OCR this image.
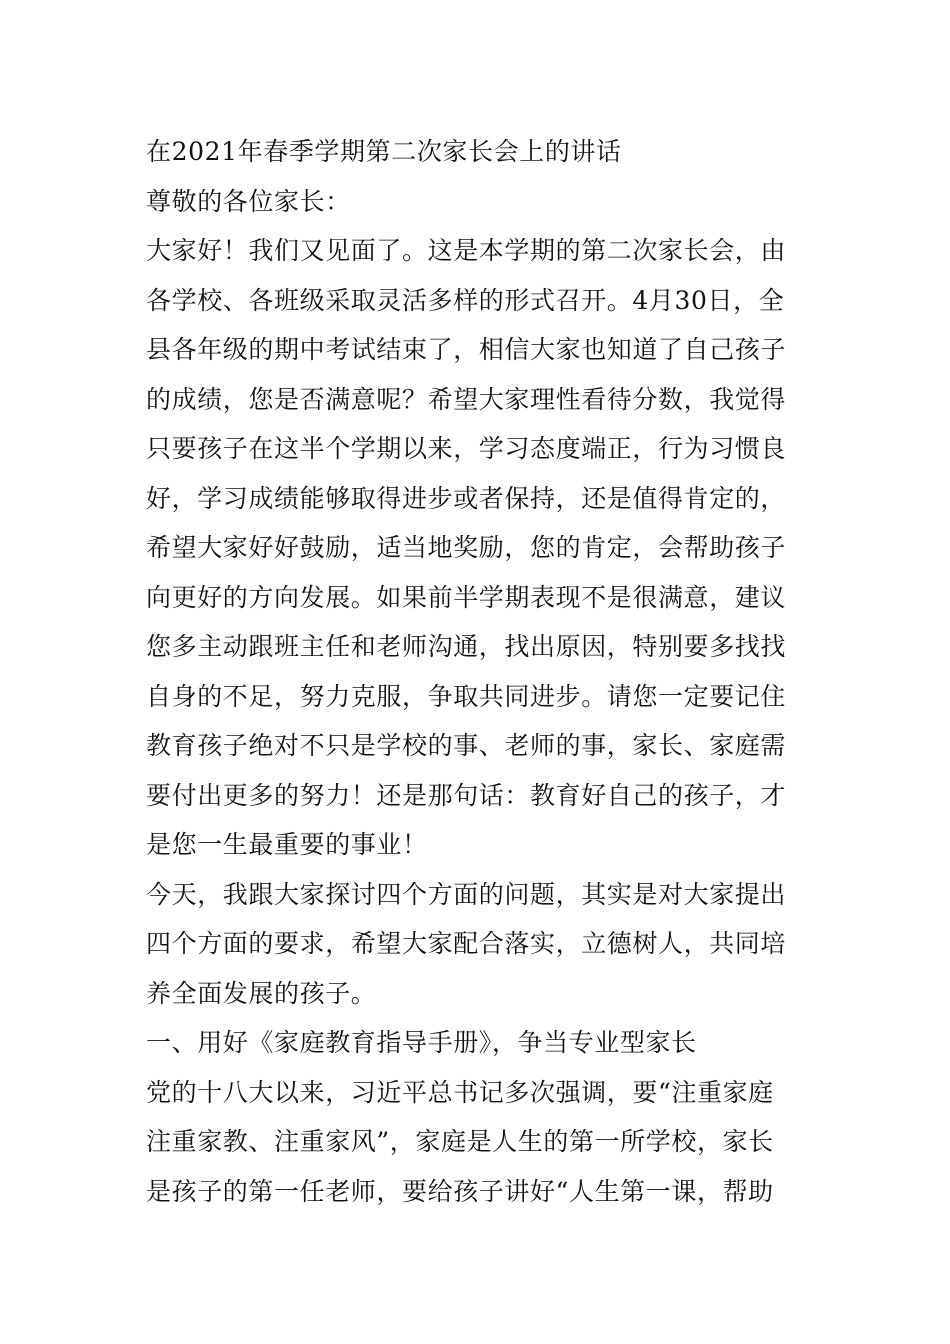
在2021年春季学期第二次家长会上的讲话
尊敬的各位家长：
大家好！我们又见面了。这是本学期的第二次家长会，由
各学校、各班级采取灵活多样的形式召开。4月30日，全
县各年级的期中考试结束了，相信大家也知道了自己孩子
的成绩，您是否满意呢？希望大家理性看待分数，我觉得
只要孩子在这半个学期以来，学习态度端正，行为习惯良
好，学习成绩能够取得进步或者保持，还是值得肯定的，
希望大家好好鼓励，适当地奖励，您的肯定，会帮助孩子
向更好的方向发展。如果前半学期表现不是很满意，建议
您多主动跟班主任和老师沟通，找出原因，特别要多找找
自身的不足，努力克服，争取共同进步。请您一定要记住
教育孩子绝对不只是学校的事、老师的事，家长、家庭需
要付出更多的努力！还是那句话：教育好自己的孩子，才
是您一生最重要的事业！
今天，我跟大家探讨四个方面的问题，其实是对大家提出
四个方面的要求，希望大家配合落实，立德树人，共同培
养全面发展的孩子。
一、用好《家庭教育指导手册》，争当专业型家长
党的十八大以来，习近平总书记多次强调，要“注重家庭
注重家教、注重家风”，家庭是人生的第一所学校，家长
是孩子的第一任老师，要给孩子讲好“人生第一课，帮助
